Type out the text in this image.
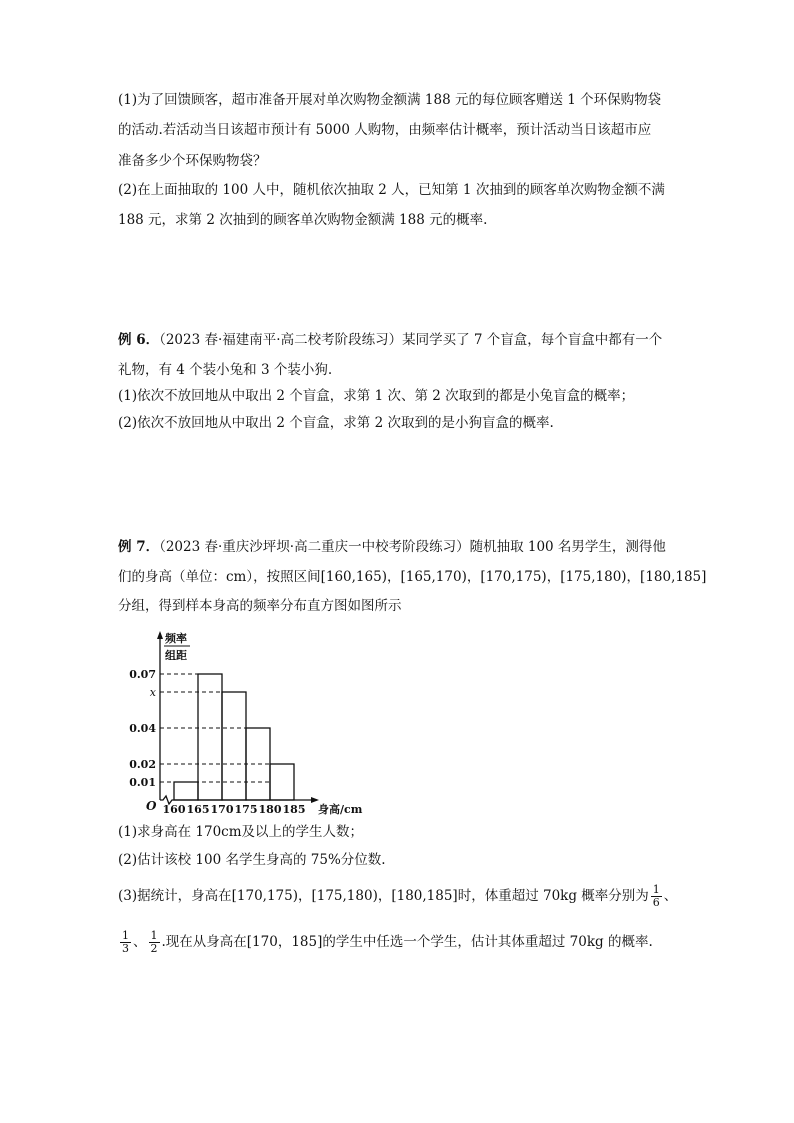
(1)为了回馈顾客，超市准备开展对单次购物金额满 188 元的每位顾客赠送 1 个环保购物袋
的活动.若活动当日该超市预计有 5000 人购物，由频率估计概率，预计活动当日该超市应
准备多少个环保购物袋？
(2)在上面抽取的 100 人中，随机依次抽取 2 人，已知第 1 次抽到的顾客单次购物金额不满
188 元，求第 2 次抽到的顾客单次购物金额满 188 元的概率.
例 6．（2023 春·福建南平·高二校考阶段练习）某同学买了 7 个盲盒，每个盲盒中都有一个
礼物，有 4 个装小兔和 3 个装小狗.
(1)依次不放回地从中取出 2 个盲盒，求第 1 次、第 2 次取到的都是小兔盲盒的概率；
(2)依次不放回地从中取出 2 个盲盒，求第 2 次取到的是小狗盲盒的概率.
例 7．（2023 春·重庆沙坪坝·高二重庆一中校考阶段练习）随机抽取 100 名男学生，测得他
们的身高（单位：cm），按照区间[160,165)，[165,170)，[170,175)，[175,180)，[180,185]
分组，得到样本身高的频率分布直方图如图所示
0.07
x
0.04
0.02
0.01
160 165 170 175 180 185 身高/cm
O
频率
组距
(1)求身高在 170cm及以上的学生人数；
(2)估计该校 100 名学生身高的 75%分位数.
(3)据统计，身高在[170,175)，[175,180)，[180,185]时，体重超过 70kg 概率分别为 $\frac{1}{6}$ 、
$\frac{1}{3}$ 、 $\frac{1}{2}$ .现在从身高在[170，185]的学生中任选一个学生，估计其体重超过 70kg 的概率.
